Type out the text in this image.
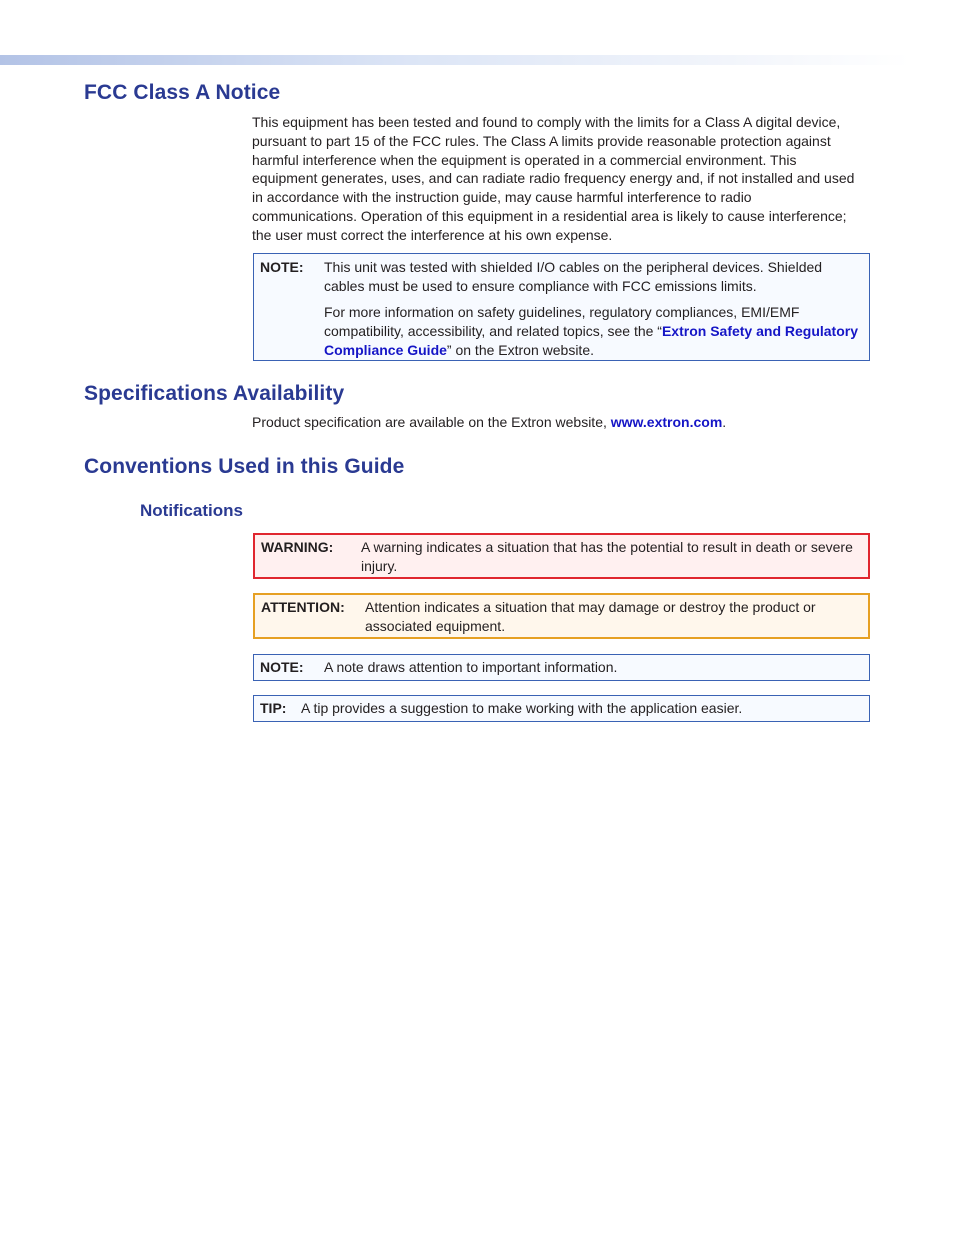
FCC Class A Notice

This equipment has been tested and found to comply with the limits for a Class A digital device, pursuant to part 15 of the FCC rules. The Class A limits provide reasonable protection against harmful interference when the equipment is operated in a commercial environment. This equipment generates, uses, and can radiate radio frequency energy and, if not installed and used in accordance with the instruction guide, may cause harmful interference to radio communications. Operation of this equipment in a residential area is likely to cause interference; the user must correct the interference at his own expense.

NOTE: This unit was tested with shielded I/O cables on the peripheral devices. Shielded cables must be used to ensure compliance with FCC emissions limits.

For more information on safety guidelines, regulatory compliances, EMI/EMF compatibility, accessibility, and related topics, see the “Extron Safety and Regulatory Compliance Guide” on the Extron website.

Specifications Availability

Product specification are available on the Extron website, www.extron.com.

Conventions Used in this Guide
Notifications
WARNING: A warning indicates a situation that has the potential to result in death or severe injury.

ATTENTION: Attention indicates a situation that may damage or destroy the product or associated equipment.

NOTE: A note draws attention to important information.

TIP: A tip provides a suggestion to make working with the application easier.
